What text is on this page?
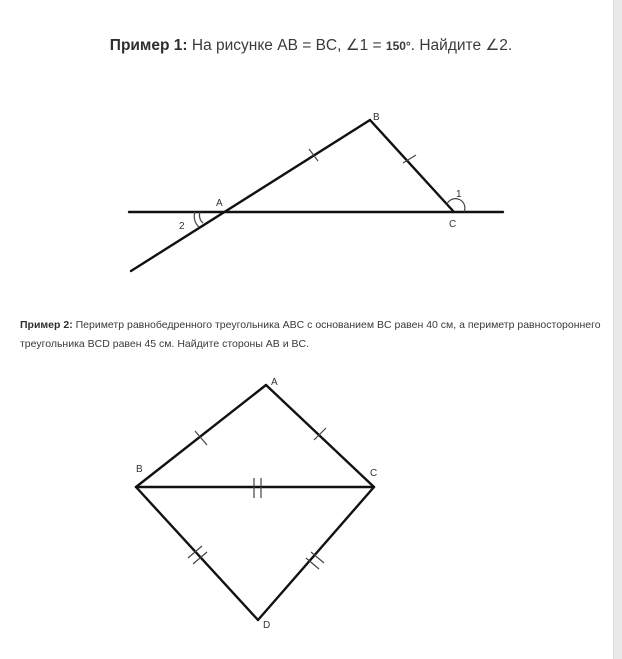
Пример 1: На рисунке AB = BC, ∠1 = 150°. Найдите ∠2.
A
B
C
1
2
Пример 2: Периметр равнобедренного треугольника ABC с основанием BC равен 40 см, а периметр равностороннего треугольника BCD равен 45 см. Найдите стороны AB и BC.
A
B	C
D
